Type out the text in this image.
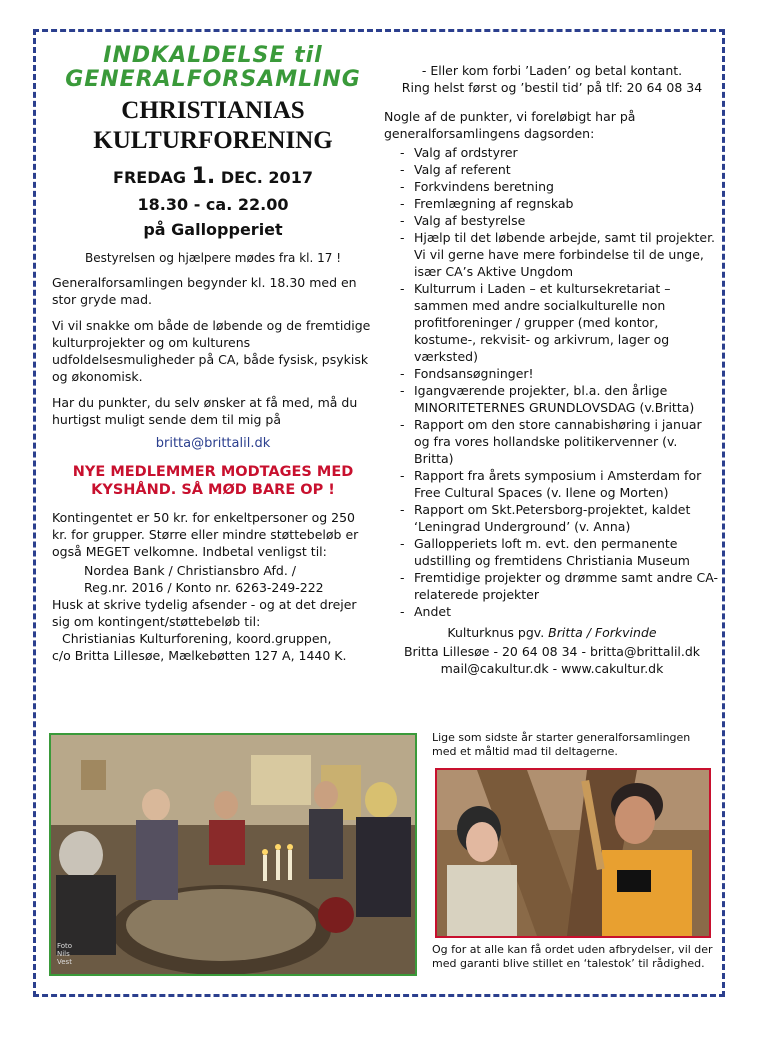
INDKALDELSE til
GENERALFORSAMLING
CHRISTIANIAS
KULTURFORENING
FREDAG 1. DEC. 2017
18.30 - ca. 22.00
på Gallopperiet
Bestyrelsen og hjælpere mødes fra kl. 17 !

Generalforsamlingen begynder kl. 18.30 med en stor gryde mad.

Vi vil snakke om både de løbende og de fremtidige kulturprojekter og om kulturens udfoldelsesmuligheder på CA, både fysisk, psykisk og økonomisk.

Har du punkter, du selv ønsker at få med, må du hurtigst muligt sende dem til mig på

britta@brittalil.dk
NYE MEDLEMMER MODTAGES MED KYSHÅND. SÅ MØD BARE OP !

Kontingentet er 50 kr. for enkeltpersoner og 250 kr. for grupper. Større eller mindre støttebeløb er også MEGET velkomne. Indbetal venligst til:

Nordea Bank / Christiansbro Afd. /

Reg.nr. 2016 / Konto nr. 6263-249-222

Husk at skrive tydelig afsender - og at det drejer sig om kontingent/støttebeløb til:

Christianias Kulturforening, koord.gruppen,

c/o Britta Lillesøe, Mælkebøtten 127 A, 1440 K.

- Eller kom forbi ’Laden’ og betal kontant.
Ring helst først og ’bestil tid’ på tlf: 20 64 08 34
Nogle af de punkter, vi foreløbigt har på generalforsamlingens dagsorden:
- Valg af ordstyrer
- Valg af referent
- Forkvindens beretning
- Fremlægning af regnskab
- Valg af bestyrelse
- Hjælp til det løbende arbejde, samt til projekter. Vi vil gerne have mere forbindelse til de unge, især CA’s Aktive Ungdom
- Kulturrum i Laden – et kultursekretariat – sammen med andre socialkulturelle non profitforeninger / grupper (med kontor, kostume-, rekvisit- og arkivrum, lager og værksted)
- Fondsansøgninger!
- Igangværende projekter, bl.a. den årlige MINORITETERNES GRUNDLOVSDAG (v.Britta)
- Rapport om den store cannabishøring i januar og fra vores hollandske politikervenner (v. Britta)
- Rapport fra årets symposium i Amsterdam for Free Cultural Spaces (v. Ilene og Morten)
- Rapport om Skt.Petersborg-projektet, kaldet ‘Leningrad Underground’ (v. Anna)
- Gallopperiets loft m. evt. den permanente udstilling og fremtidens Christiania Museum
- Fremtidige projekter og drømme samt andre CA-relaterede projekter
- Andet
Kulturknus pgv. Britta / Forkvinde
Britta Lillesøe - 20 64 08 34 - britta@brittalil.dk
mail@cakultur.dk - www.cakultur.dk
Foto
Nils
Vest
Lige som sidste år starter generalforsamlingen med et måltid mad til deltagerne.
Og for at alle kan få ordet uden afbrydelser, vil der med garanti blive stillet en ‘talestok’ til rådighed.
